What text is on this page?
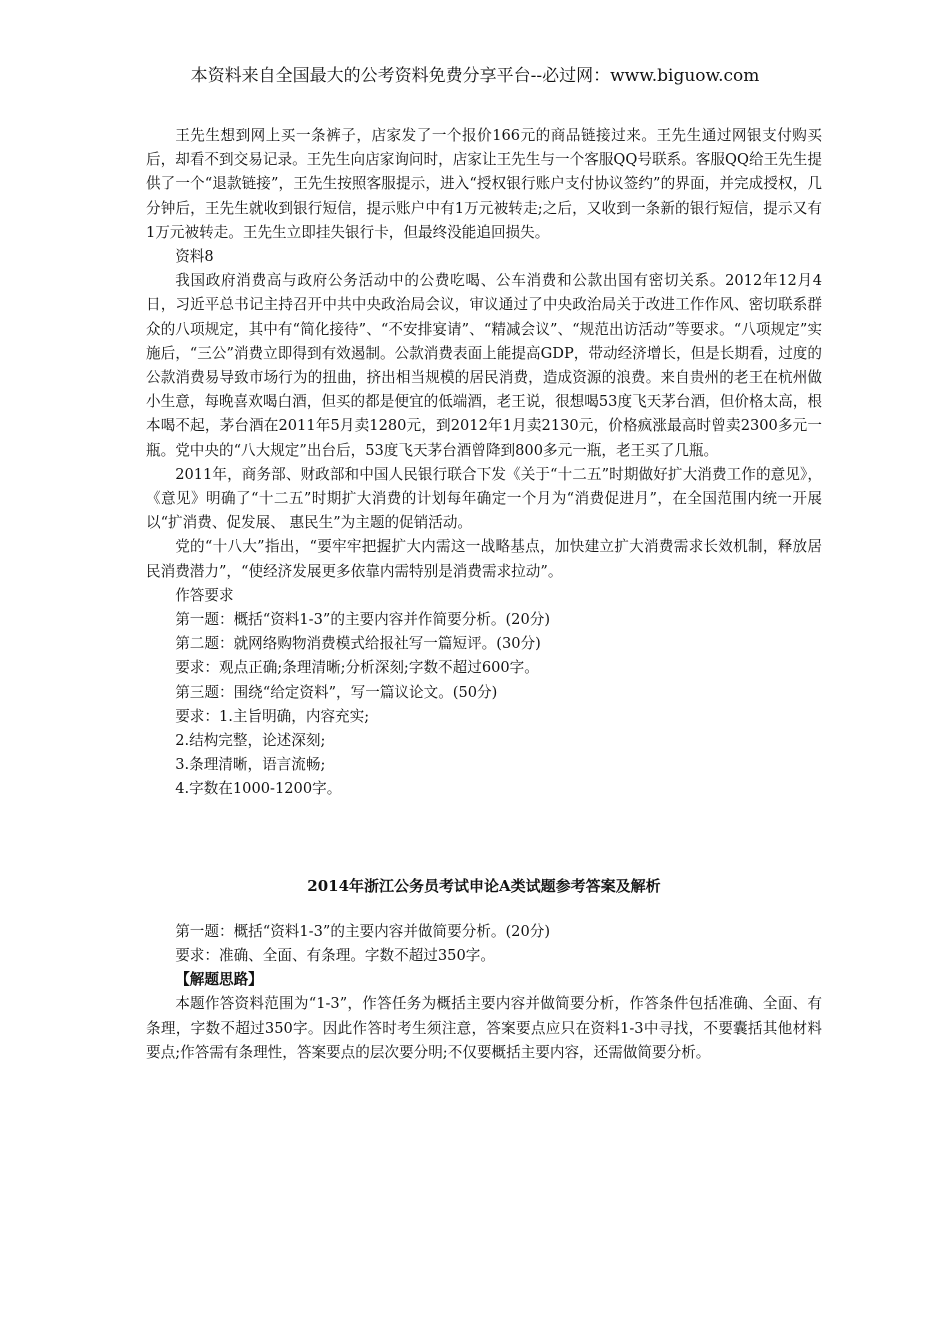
本资料来自全国最大的公考资料免费分享平台--必过网：www.biguow.com

王先生想到网上买一条裤子，店家发了一个报价166元的商品链接过来。王先生通过网银支付购买后，却看不到交易记录。王先生向店家询问时，店家让王先生与一个客服QQ号联系。客服QQ给王先生提供了一个“退款链接”，王先生按照客服提示，进入“授权银行账户支付协议签约”的界面，并完成授权，几分钟后，王先生就收到银行短信，提示账户中有1万元被转走;之后，又收到一条新的银行短信，提示又有1万元被转走。王先生立即挂失银行卡，但最终没能追回损失。

资料8

我国政府消费高与政府公务活动中的公费吃喝、公车消费和公款出国有密切关系。2012年12月4日，习近平总书记主持召开中共中央政治局会议，审议通过了中央政治局关于改进工作作风、密切联系群众的八项规定，其中有“简化接待”、“不安排宴请”、“精减会议”、“规范出访活动”等要求。“八项规定”实施后，“三公”消费立即得到有效遏制。公款消费表面上能提高GDP，带动经济增长，但是长期看，过度的公款消费易导致市场行为的扭曲，挤出相当规模的居民消费，造成资源的浪费。来自贵州的老王在杭州做小生意，每晚喜欢喝白酒，但买的都是便宜的低端酒，老王说，很想喝53度飞天茅台酒，但价格太高，根本喝不起，茅台酒在2011年5月卖1280元，到2012年1月卖2130元，价格疯涨最高时曾卖2300多元一瓶。党中央的“八大规定”出台后，53度飞天茅台酒曾降到800多元一瓶，老王买了几瓶。

2011年，商务部、财政部和中国人民银行联合下发《关于“十二五”时期做好扩大消费工作的意见》，《意见》明确了“十二五”时期扩大消费的计划每年确定一个月为“消费促进月”，在全国范围内统一开展以“扩消费、促发展、 惠民生”为主题的促销活动。

党的“十八大”指出，“要牢牢把握扩大内需这一战略基点，加快建立扩大消费需求长效机制，释放居民消费潜力”，“使经济发展更多依靠内需特别是消费需求拉动”。

作答要求

第一题：概括“资料1-3”的主要内容并作简要分析。(20分)

第二题：就网络购物消费模式给报社写一篇短评。(30分)

要求：观点正确;条理清晰;分析深刻;字数不超过600字。

第三题：围绕“给定资料”，写一篇议论文。(50分)

要求：1.主旨明确，内容充实;

2.结构完整，论述深刻;

3.条理清晰，语言流畅;

4.字数在1000-1200字。

2014年浙江公务员考试申论A类试题参考答案及解析

第一题：概括“资料1-3”的主要内容并做简要分析。(20分)

要求：准确、全面、有条理。字数不超过350字。

【解题思路】

本题作答资料范围为“1-3”，作答任务为概括主要内容并做简要分析，作答条件包括准确、全面、有条理，字数不超过350字。因此作答时考生须注意，答案要点应只在资料1-3中寻找，不要囊括其他材料要点;作答需有条理性，答案要点的层次要分明;不仅要概括主要内容，还需做简要分析。
